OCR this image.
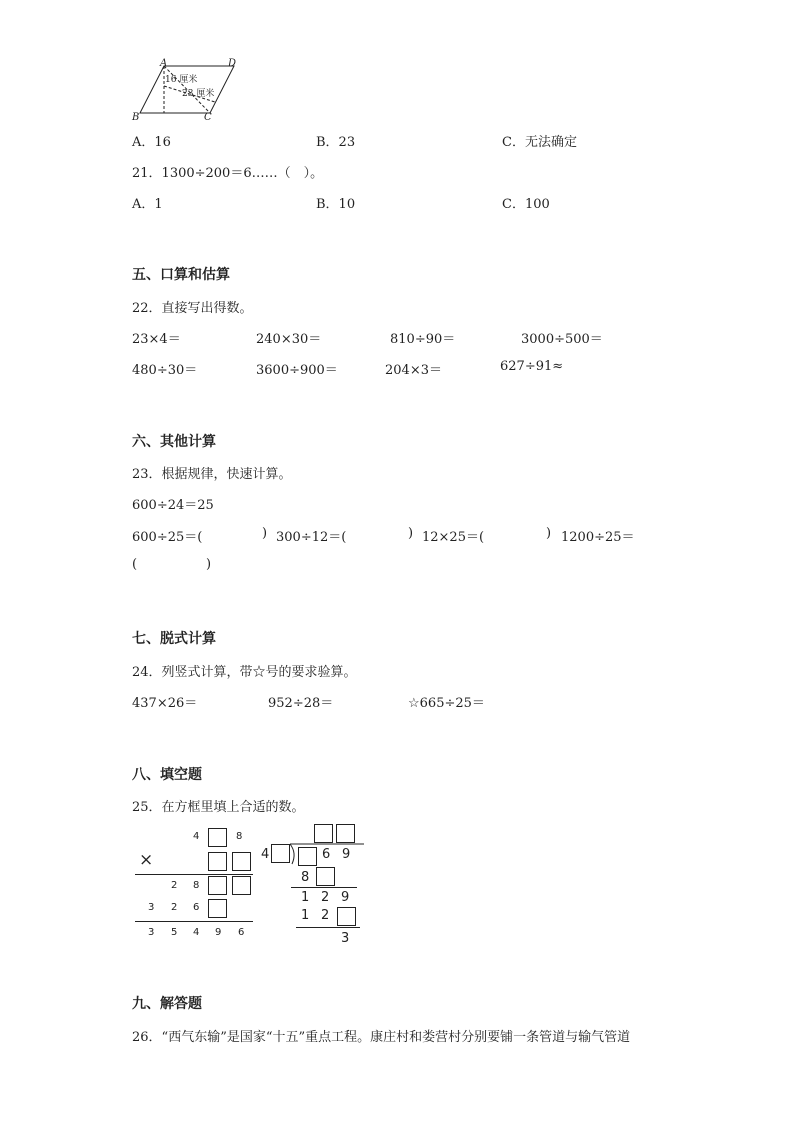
A	D
B	C
16 厘米
23 厘米
A．16	B．23	C．无法确定
21．1300÷200＝6……（　）。
A．1	B．10	C．100
五、口算和估算
22．直接写出得数。
23×4＝	240×30＝	810÷90＝	3000÷500＝
480÷30＝	3600÷900＝	204×3＝	627÷91≈
六、其他计算
23．根据规律，快速计算。
600÷24＝25
600÷25＝(	) 300÷12＝(	) 12×25＝(	) 1200÷25＝
(	)
七、脱式计算
24．列竖式计算，带☆号的要求验算。
437×26＝	952÷28＝	☆665÷25＝
八、填空题
25．在方框里填上合适的数。
4	8
×
2 8
3 2 6
3 5 4 9 6
4	6 9
8
1 2 9
1 2
3
九、解答题
26．“西气东输”是国家“十五”重点工程。康庄村和娄营村分别要铺一条管道与输气管道
